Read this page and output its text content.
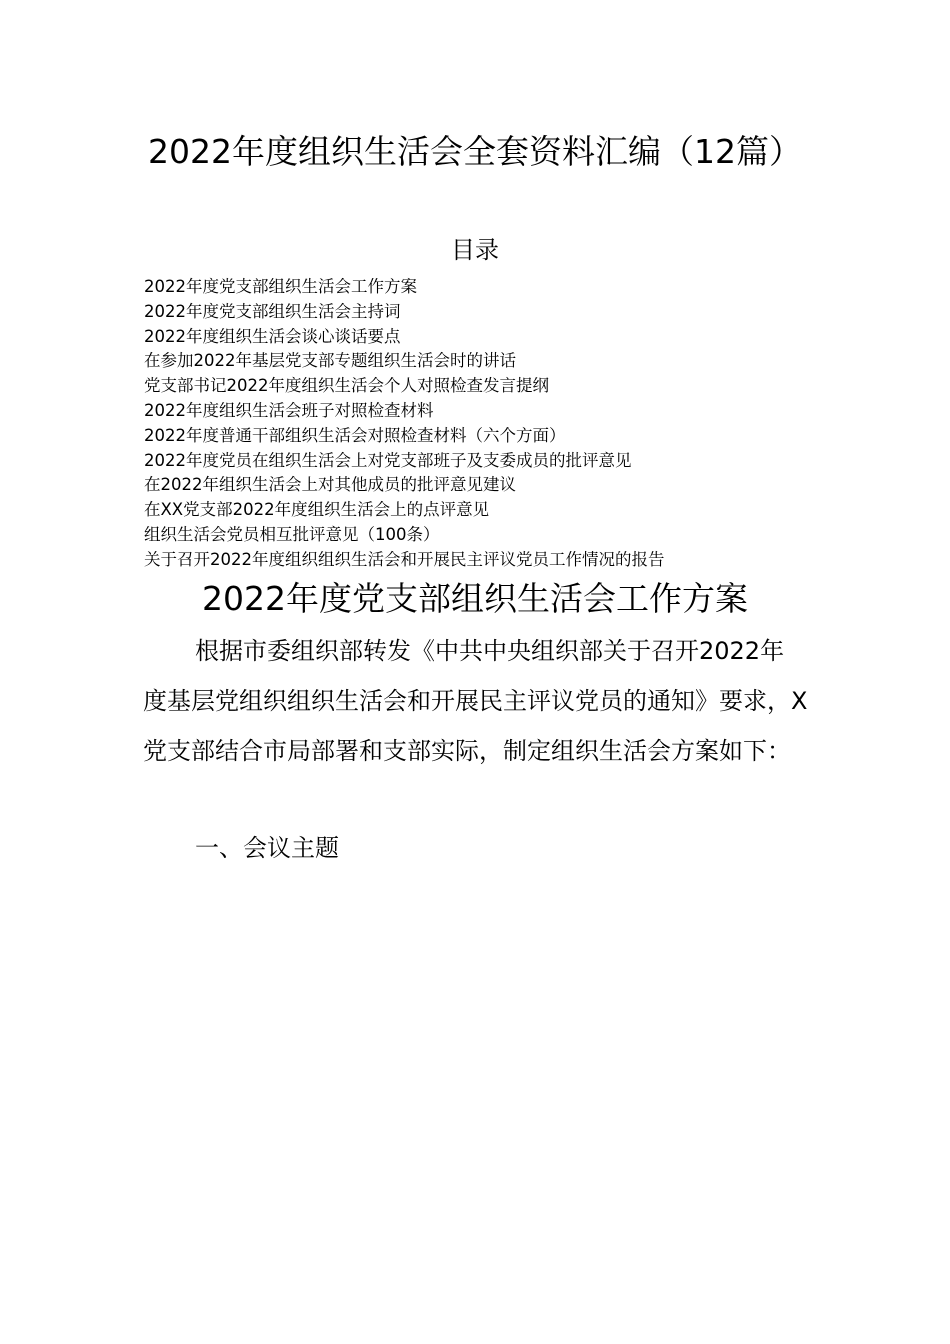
2022年度组织生活会全套资料汇编（12篇）
目录
2022年度党支部组织生活会工作方案
2022年度党支部组织生活会主持词
2022年度组织生活会谈心谈话要点
在参加2022年基层党支部专题组织生活会时的讲话
党支部书记2022年度组织生活会个人对照检查发言提纲
2022年度组织生活会班子对照检查材料
2022年度普通干部组织生活会对照检查材料（六个方面）
2022年度党员在组织生活会上对党支部班子及支委成员的批评意见
在2022年组织生活会上对其他成员的批评意见建议
在XX党支部2022年度组织生活会上的点评意见
组织生活会党员相互批评意见（100条）
关于召开2022年度组织组织生活会和开展民主评议党员工作情况的报告
2022年度党支部组织生活会工作方案

根据市委组织部转发《中共中央组织部关于召开2022年度基层党组织组织生活会和开展民主评议党员的通知》要求，X党支部结合市局部署和支部实际，制定组织生活会方案如下：

一、会议主题
